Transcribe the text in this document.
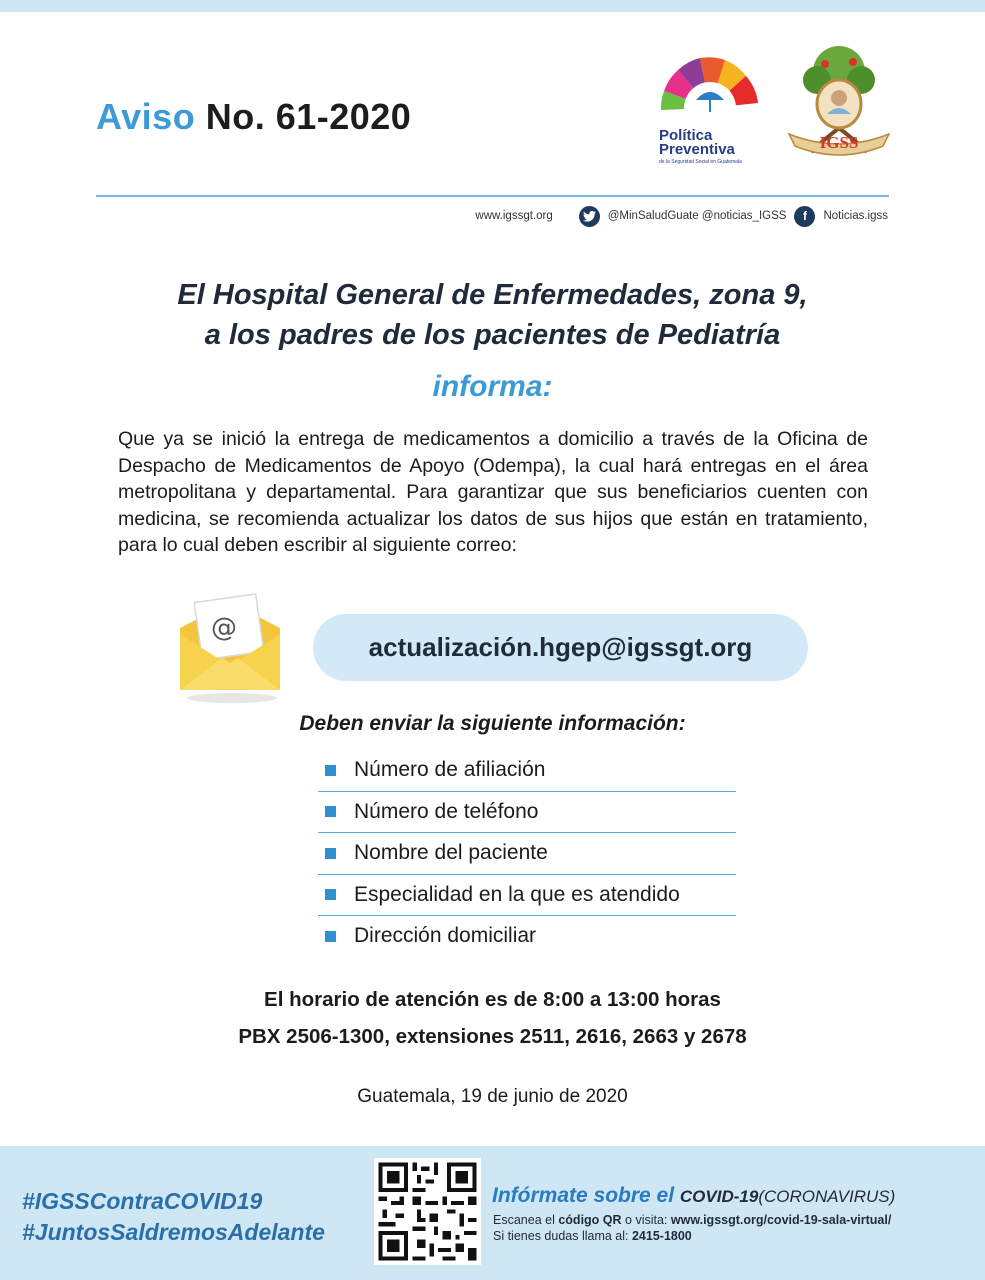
Aviso No. 61-2020	Política
Preventiva
de la Seguridad Social en Guatemala
IGSS
www.igssgt.org	@MinSaludGuate @noticias_IGSS	f	Noticias.igss
El Hospital General de Enfermedades, zona 9,
a los padres de los pacientes de Pediatría
informa:
Que ya se inició la entrega de medicamentos a domicilio a través de la Oficina de Despacho de Medicamentos de Apoyo (Odempa), la cual hará entregas en el área metropolitana y departamental. Para garantizar que sus beneficiarios cuenten con medicina, se recomienda actualizar los datos de sus hijos que están en tratamiento, para lo cual deben escribir al siguiente correo:
@
actualización.hgep@igssgt.org
Deben enviar la siguiente información:
Número de afiliación
Número de teléfono
Nombre del paciente
Especialidad en la que es atendido
Dirección domiciliar
El horario de atención es de 8:00 a 13:00 horas
PBX 2506-1300, extensiones 2511, 2616, 2663 y 2678
Guatemala, 19 de junio de 2020
#IGSSContraCOVID19
#JuntosSaldremosAdelante
Infórmate sobre el COVID-19(CORONAVIRUS)
Escanea el código QR o visita: www.igssgt.org/covid-19-sala-virtual/
Si tienes dudas llama al: 2415-1800
